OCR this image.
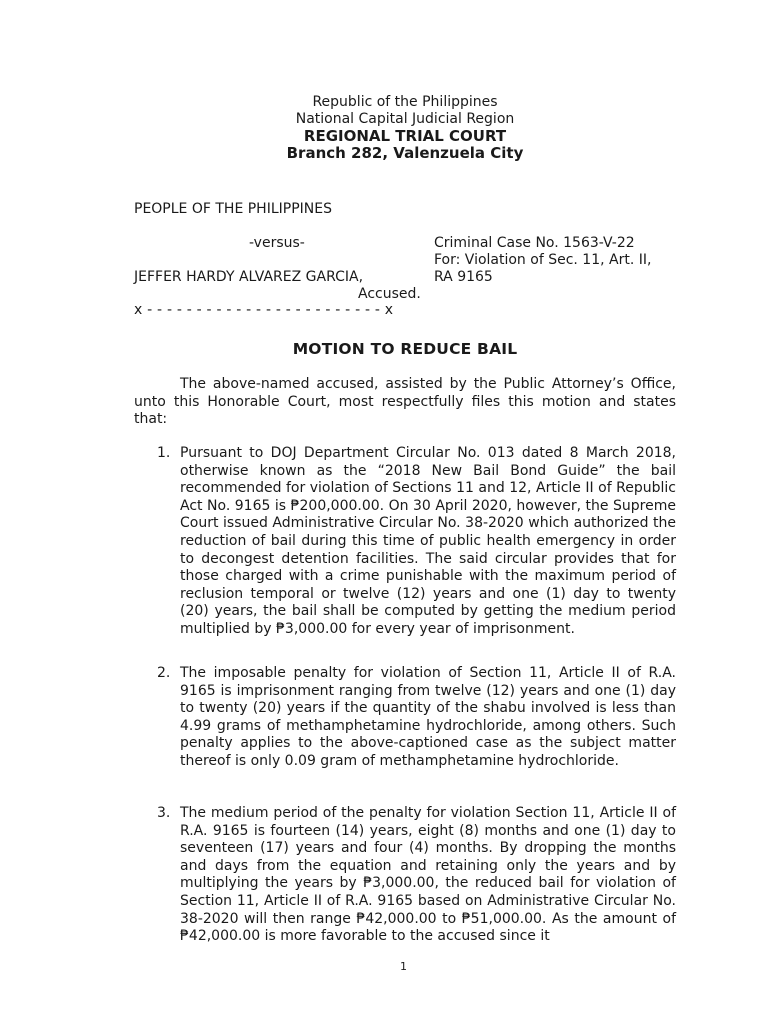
Republic of the Philippines
National Capital Judicial Region
REGIONAL TRIAL COURT
Branch 282, Valenzuela City
PEOPLE OF THE PHILIPPINES
-versus-	Criminal Case No. 1563-V-22
For: Violation of Sec. 11, Art. II,
JEFFER HARDY ALVAREZ GARCIA,	RA 9165
Accused.
x - - - - - - - - - - - - - - - - - - - - - - - - x
MOTION TO REDUCE BAIL
The above-named accused, assisted by the Public Attorney’s Office, unto this Honorable Court, most respectfully files this motion and states that:
1. Pursuant to DOJ Department Circular No. 013 dated 8 March 2018, otherwise known as the “2018 New Bail Bond Guide” the bail recommended for violation of Sections 11 and 12, Article II of Republic Act No. 9165 is ₱200,000.00. On 30 April 2020, however, the Supreme Court issued Administrative Circular No. 38-2020 which authorized the reduction of bail during this time of public health emergency in order to decongest detention facilities. The said circular provides that for those charged with a crime punishable with the maximum period of reclusion temporal or twelve (12) years and one (1) day to twenty (20) years, the bail shall be computed by getting the medium period multiplied by ₱3,000.00 for every year of imprisonment.
2. The imposable penalty for violation of Section 11, Article II of R.A. 9165 is imprisonment ranging from twelve (12) years and one (1) day to twenty (20) years if the quantity of the shabu involved is less than 4.99 grams of methamphetamine hydrochloride, among others. Such penalty applies to the above-captioned case as the subject matter thereof is only 0.09 gram of methamphetamine hydrochloride.
3. The medium period of the penalty for violation Section 11, Article II of R.A. 9165 is fourteen (14) years, eight (8) months and one (1) day to seventeen (17) years and four (4) months. By dropping the months and days from the equation and retaining only the years and by multiplying the years by ₱3,000.00, the reduced bail for violation of Section 11, Article II of R.A. 9165 based on Administrative Circular No. 38-2020 will then range ₱42,000.00 to ₱51,000.00. As the amount of ₱42,000.00 is more favorable to the accused since it
1
